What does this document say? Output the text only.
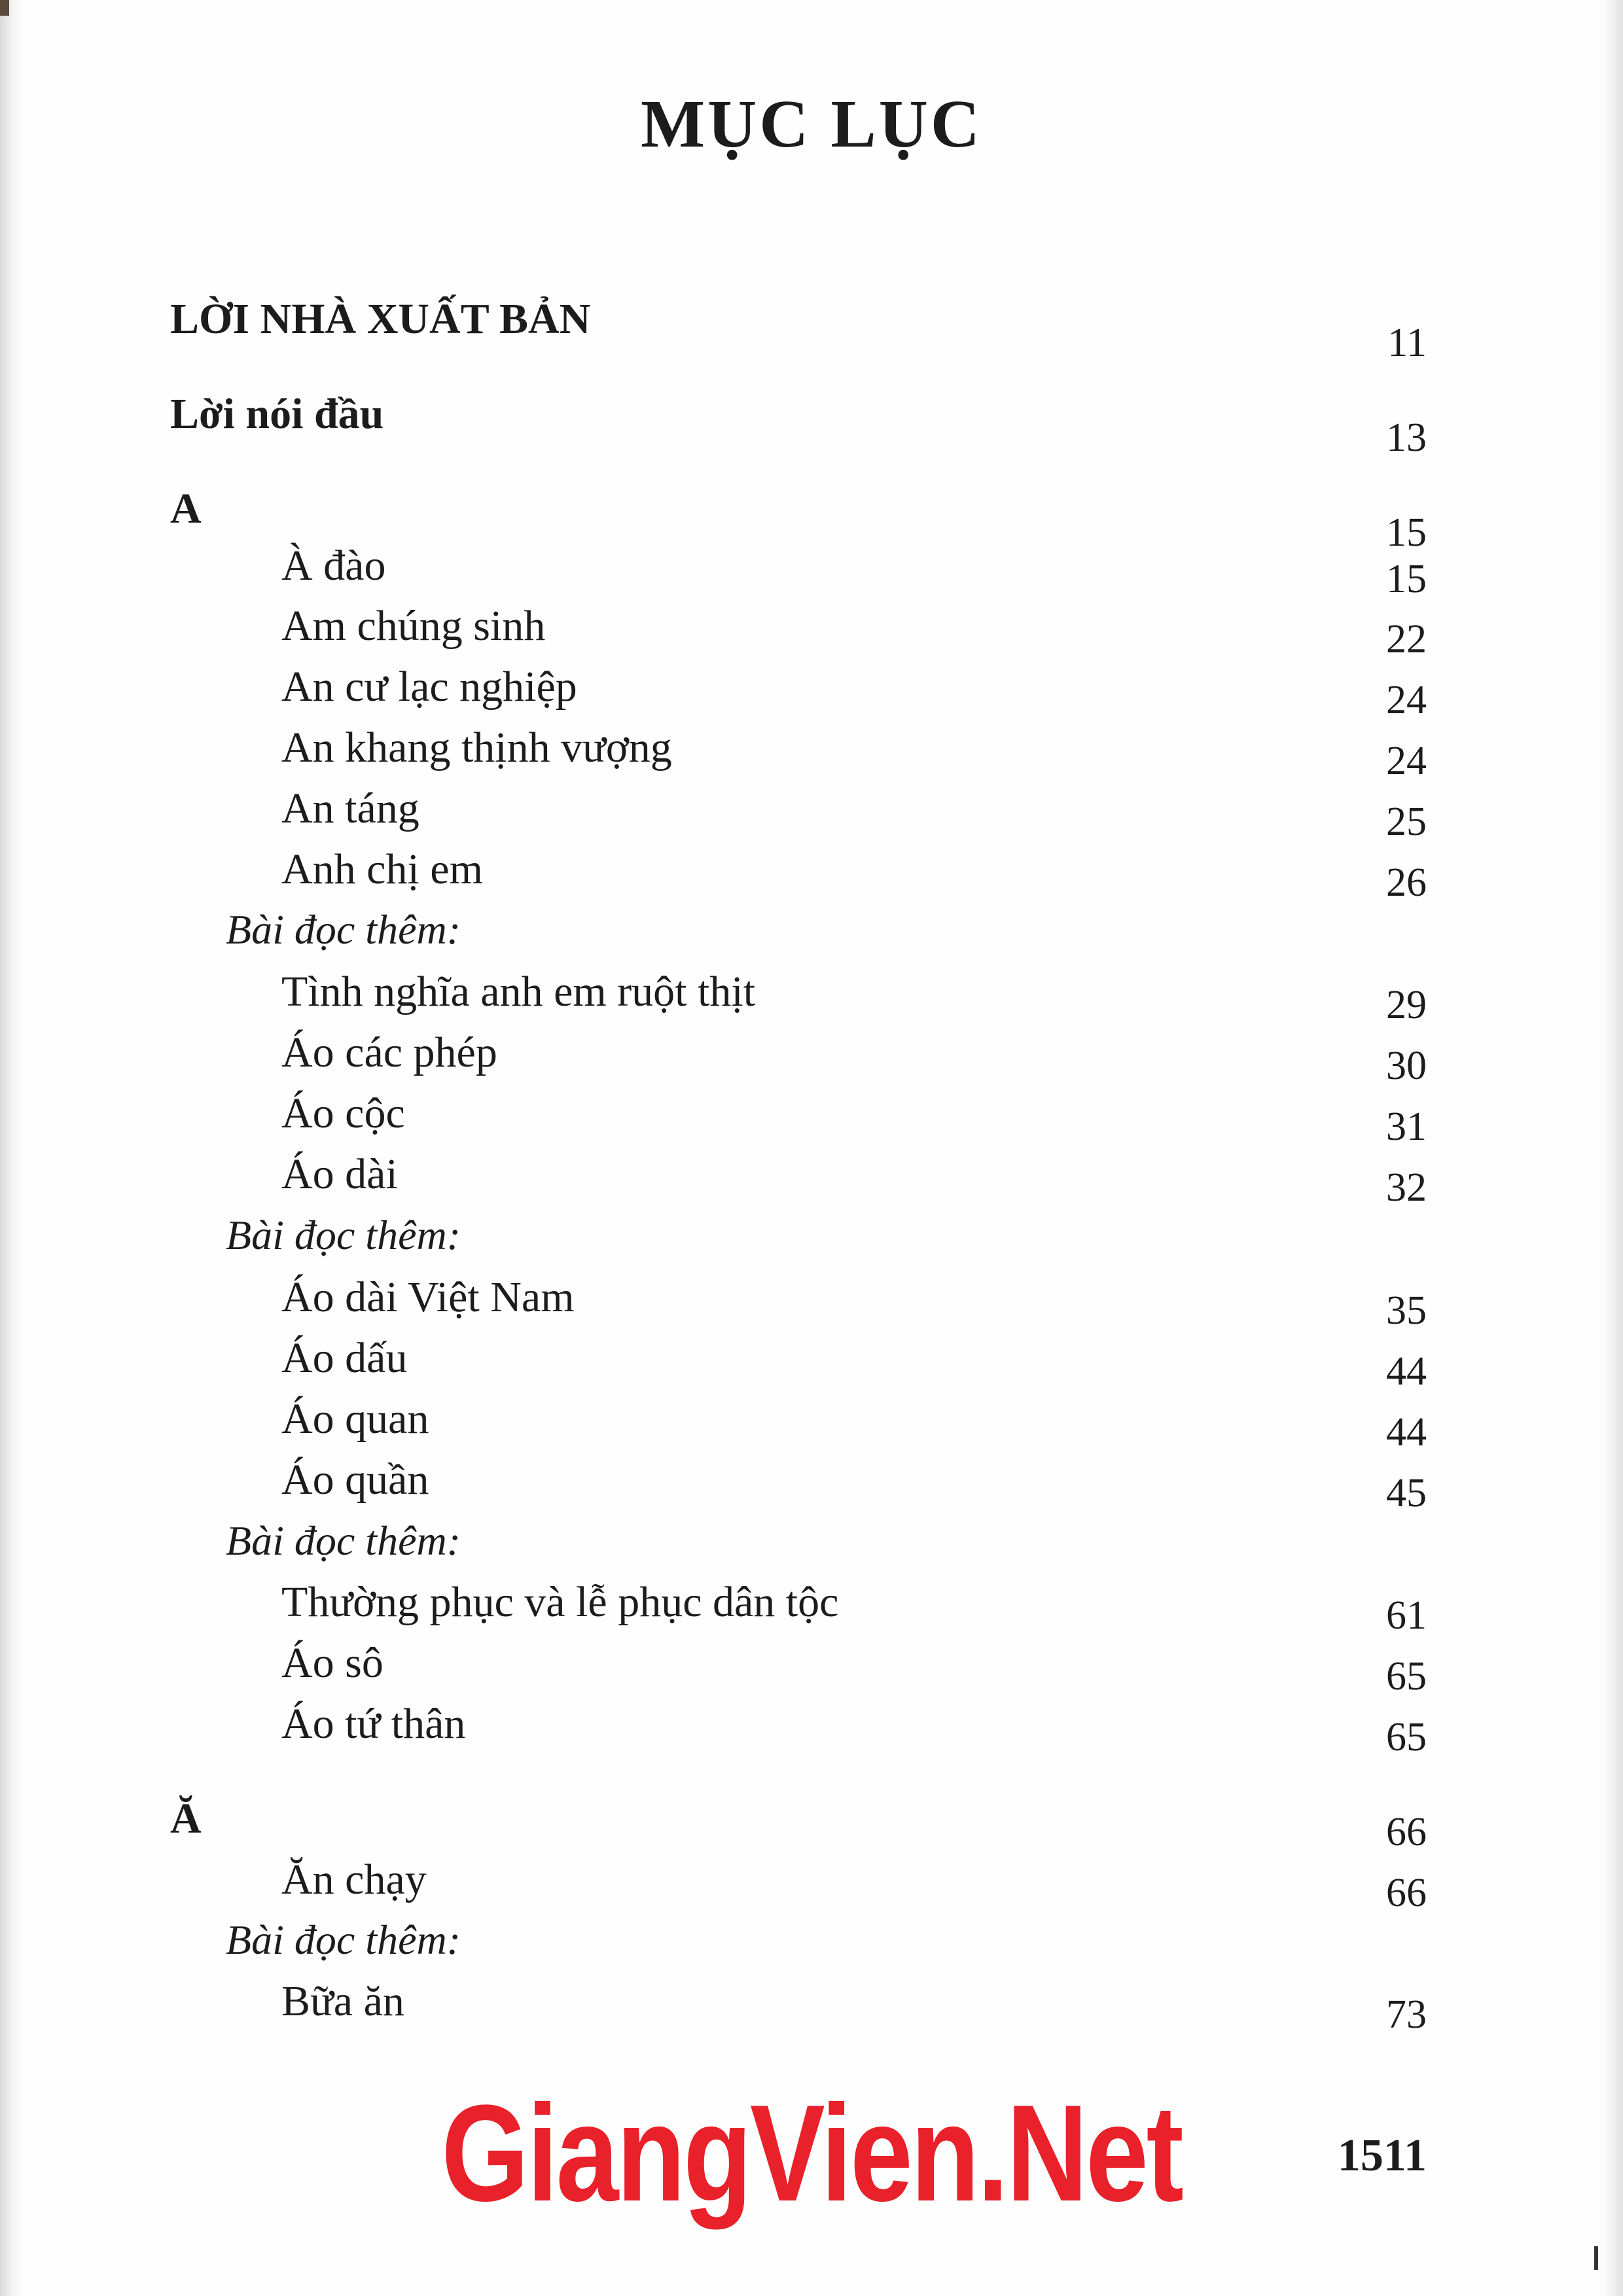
MỤC LỤC
LỜI NHÀ XUẤT BẢN	11
Lời nói đầu	13
A	15
À đào	15
Am chúng sinh	22
An cư lạc nghiệp	24
An khang thịnh vượng	24
An táng	25
Anh chị em	26
Bài đọc thêm:
Tình nghĩa anh em ruột thịt	29
Áo các phép	30
Áo cộc	31
Áo dài	32
Bài đọc thêm:
Áo dài Việt Nam	35
Áo dấu	44
Áo quan	44
Áo quần	45
Bài đọc thêm:
Thường phục và lễ phục dân tộc	61
Áo sô	65
Áo tứ thân	65
Ă	66
Ăn chạy	66
Bài đọc thêm:
Bữa ăn	73
GiangVien.Net	1511
